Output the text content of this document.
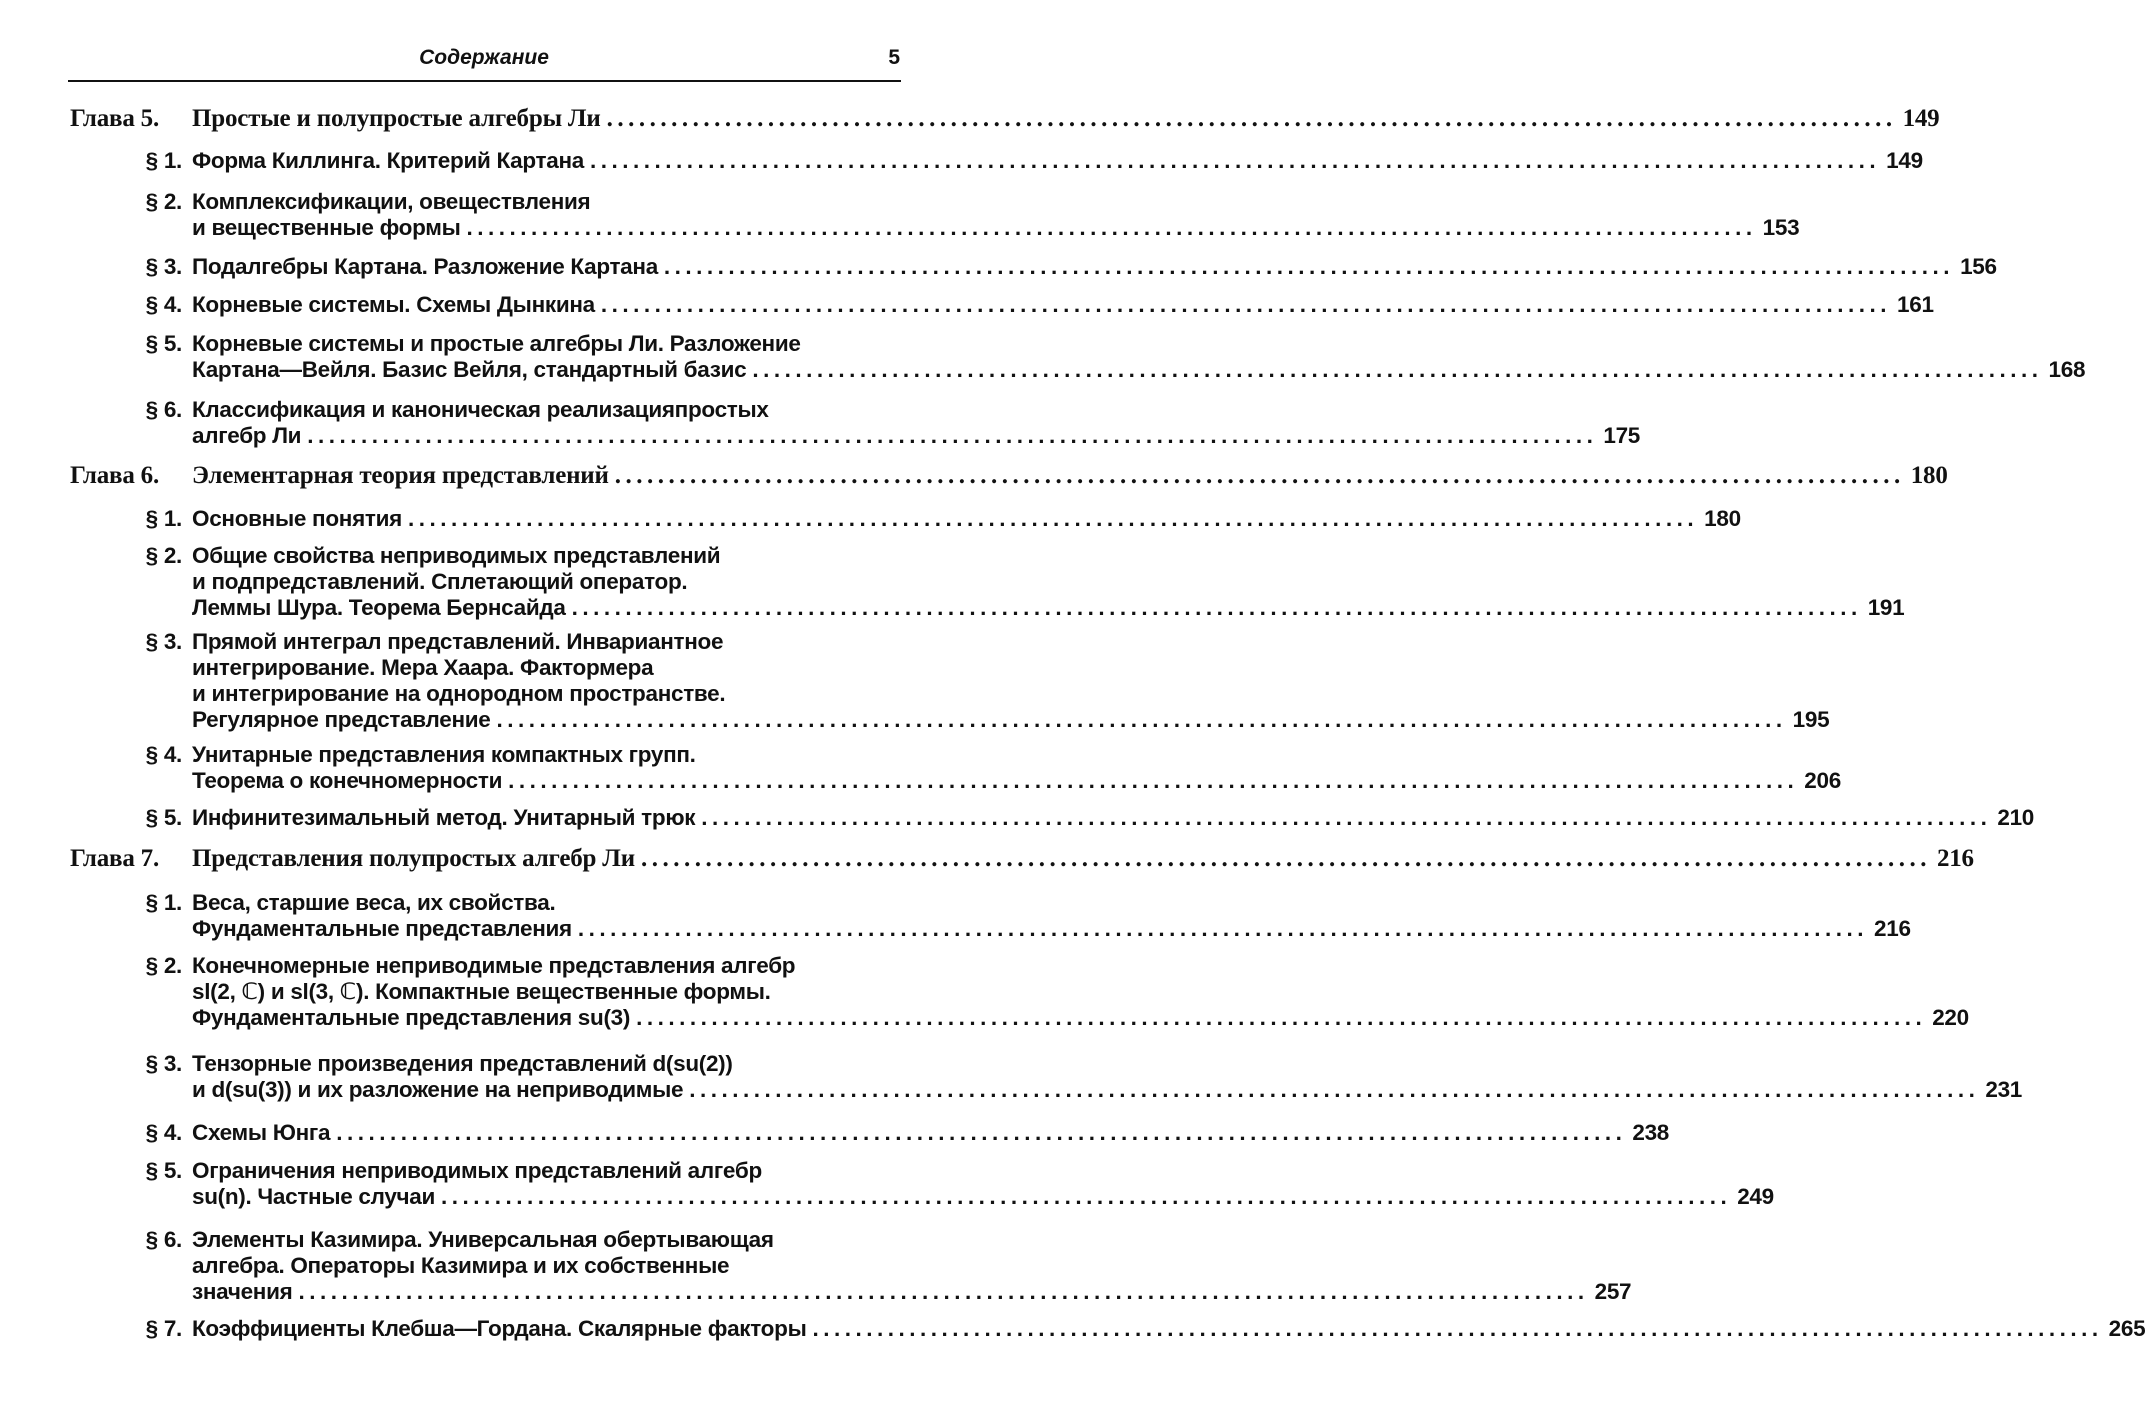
Содержание	5
Глава 5.	Простые и полупростые алгебры Ли ........................................................................................................................ 149
§ 1. Форма Киллинга. Критерий Картана ........................................................................................................................ 149
§ 2. Комплексификации, овеществления
и вещественные формы ........................................................................................................................ 153
§ 3. Подалгебры Картана. Разложение Картана ........................................................................................................................ 156
§ 4. Корневые системы. Схемы Дынкина ........................................................................................................................ 161
§ 5. Корневые системы и простые алгебры Ли. Разложение
Картана—Вейля. Базис Вейля, стандартный базис ........................................................................................................................ 168
§ 6. Классификация и каноническая реализацияпростых
алгебр Ли ........................................................................................................................ 175
Глава 6.	Элементарная теория представлений ........................................................................................................................ 180
§ 1. Основные понятия ........................................................................................................................ 180
§ 2. Общие свойства неприводимых представлений
и подпредставлений. Сплетающий оператор.
Леммы Шура. Теорема Бернсайда ........................................................................................................................ 191
§ 3. Прямой интеграл представлений. Инвариантное
интегрирование. Мера Хаара. Фактормера
и интегрирование на однородном пространстве.
Регулярное представление ........................................................................................................................ 195
§ 4. Унитарные представления компактных групп.
Теорема о конечномерности ........................................................................................................................ 206
§ 5. Инфинитезимальный метод. Унитарный трюк ........................................................................................................................ 210
Глава 7.	Представления полупростых алгебр Ли ........................................................................................................................ 216
§ 1. Веса, старшие веса, их свойства.
Фундаментальные представления ........................................................................................................................ 216
§ 2. Конечномерные неприводимые представления алгебр
sl(2, ℂ) и sl(3, ℂ). Компактные вещественные формы.
Фундаментальные представления su(3) ........................................................................................................................ 220
§ 3. Тензорные произведения представлений d(su(2))
и d(su(3)) и их разложение на неприводимые ........................................................................................................................ 231
§ 4. Схемы Юнга ........................................................................................................................ 238
§ 5. Ограничения неприводимых представлений алгебр
su(n). Частные случаи ........................................................................................................................ 249
§ 6. Элементы Казимира. Универсальная обертывающая
алгебра. Операторы Казимира и их собственные
значения ........................................................................................................................ 257
§ 7. Коэффициенты Клебша—Гордана. Скалярные факторы ........................................................................................................................ 265
